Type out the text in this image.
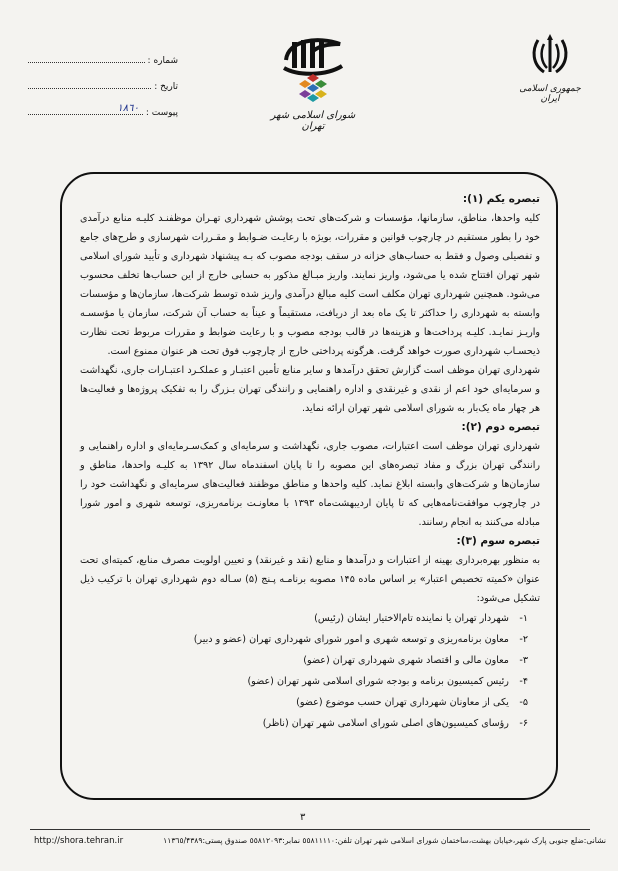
شماره :
تاریخ :
پیوست :
١٨٦٠
شورای اسلامی شهر تهران
جمهوری اسلامی ایران

تبصره یکم (١):

کلیه واحدها، مناطق، سازمانها، مؤسسات و شرکت‌های تحت پوشش شهرداری تهـران موظفنـد کلیـه منابع درآمدی خود را بطور مستقیم در چارچوب قوانین و مقررات، بویژه با رعایـت ضـوابط و مقـررات شهرسازی و طرح‌های جامع و تفصیلی وصول و فقط به حساب‌های خزانه در سقف بودجه مصوب که بـه پیشنهاد شهرداری و تأیید شورای اسلامی شهر تهران افتتاح شده یا می‌شود، واریز نمایند. واریز مبـالغ مذکور به حسابی خارج از این حساب‌ها تخلف محسوب می‌شود. همچنین شهرداری تهران مکلف است کلیه مبالغ درآمدی واریز شده توسط شرکت‌ها، سازمان‌ها و مؤسسات وابسته به شهرداری را حداکثر تا یک ماه بعد از دریافت، مستقیماً و عیناً به حساب آن شرکت، سازمان یا مؤسسـه واریـز نمایـد. کلیـه پرداخت‌ها و هزینه‌ها در قالب بودجه مصوب و با رعایت ضوابط و مقررات مربوط تحت نظارت ذیحسـاب شهرداری صورت خواهد گرفت. هرگونه پرداختی خارج از چارچوب فوق تحت هر عنوان ممنوع است.

شهرداری تهران موظف است گزارش تحقق درآمدها و سایر منابع تأمین اعتبـار و عملکـرد اعتبـارات جاری، نگهداشت و سرمایه‌ای خود اعم از نقدی و غیرنقدی و اداره راهنمایی و رانندگی تهران بـزرگ را به تفکیک پروژه‌ها و فعالیت‌ها هر چهار ماه یک‌بار به شورای اسلامی شهر تهران ارائه نماید.

تبصره دوم (٢):

شهرداری تهران موظف است اعتبارات، مصوب جاری، نگهداشت و سرمایه‌ای و کمک‌سـرمایه‌ای و اداره راهنمایی و رانندگی تهران بزرگ و مفاد تبصره‌های این مصوبه را تا پایان اسفندماه سال ١٣٩٢ به کلیـه واحدها، مناطق و سازمان‌ها و شرکت‌های وابسته ابلاغ نماید. کلیه واحدها و مناطق موظفند فعالیت‌های سرمایه‌ای و نگهداشت خود را در چارچوب موافقت‌نامه‌هایی که تا پایان اردیبهشت‌ماه ١٣٩٣ با معاونـت برنامه‌ریزی، توسعه شهری و امور شورا مبادله می‌کنند به انجام رسانند.

تبصره سوم (٣):

به منظور بهره‌برداری بهینه از اعتبارات و درآمدها و منابع (نقد و غیرنقد) و تعیین اولویت مصرف منابع، کمیته‌ای تحت عنوان «کمیته تخصیص اعتبار» بر اساس ماده ١۴۵ مصوبه برنامـه پـنج (۵) سـاله دوم شهرداری تهران با ترکیب ذیل تشکیل می‌شود:

١- شهردار تهران یا نماینده تام‌الاختیار ایشان (رئیس)
٢- معاون برنامه‌ریزی و توسعه شهری و امور شورای شهرداری تهران (عضو و دبیر)
٣- معاون مالی و اقتصاد شهری شهرداری تهران (عضو)
۴- رئیس کمیسیون برنامه و بودجه شورای اسلامی شهر تهران (عضو)
۵- یکی از معاونان شهرداری تهران حسب موضوع (عضو)
۶- رؤسای کمیسیون‌های اصلی شورای اسلامی شهر تهران (ناظر)
٣
نشانی:ضلع جنوبی پارک شهر،خیابان بهشت،ساختمان شورای اسلامی شهر تهران تلفن:٥٥٨١١١١٠ نمابر:٥٥٨١٢٠٩٣ صندوق پستی:١١٣٦٥/۴٣٨٩
http://shora.tehran.ir
